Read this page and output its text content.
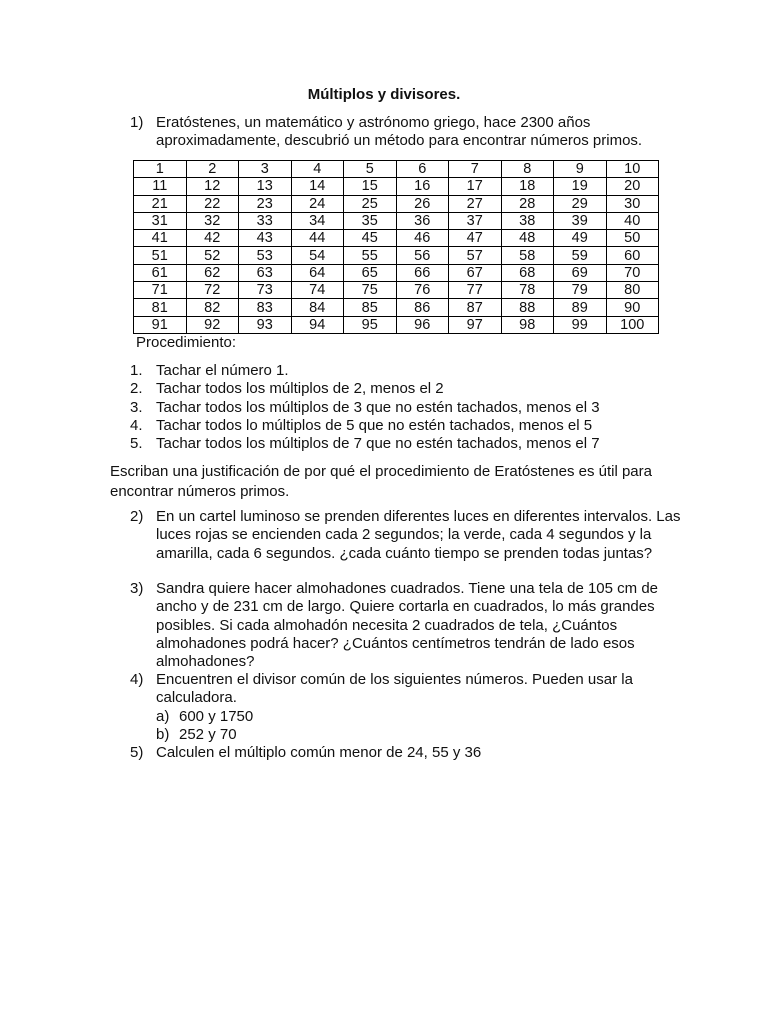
Múltiplos y divisores.
1) Eratóstenes, un matemático y astrónomo griego, hace 2300 años aproximadamente, descubrió un método para encontrar números primos.
1	2	3	4	5	6	7	8	9	10
11	12	13	14	15	16	17	18	19	20
21	22	23	24	25	26	27	28	29	30
31	32	33	34	35	36	37	38	39	40
41	42	43	44	45	46	47	48	49	50
51	52	53	54	55	56	57	58	59	60
61	62	63	64	65	66	67	68	69	70
71	72	73	74	75	76	77	78	79	80
81	82	83	84	85	86	87	88	89	90
91	92	93	94	95	96	97	98	99	100
Procedimiento:
1. Tachar el número 1.
2. Tachar todos los múltiplos de 2, menos el 2
3. Tachar todos los múltiplos de 3 que no estén tachados, menos el 3
4. Tachar todos lo múltiplos de 5 que no estén tachados, menos el 5
5. Tachar todos los múltiplos de 7 que no estén tachados, menos el 7
Escriban una justificación de por qué el procedimiento de Eratóstenes es útil para encontrar números primos.
2) En un cartel luminoso se prenden diferentes luces en diferentes intervalos. Las luces rojas se encienden cada 2 segundos; la verde, cada 4 segundos y la amarilla, cada 6 segundos. ¿cada cuánto tiempo se prenden todas juntas?
3) Sandra quiere hacer almohadones cuadrados. Tiene una tela de 105 cm de ancho y de 231 cm de largo. Quiere cortarla en cuadrados, lo más grandes posibles. Si cada almohadón necesita 2 cuadrados de tela, ¿Cuántos almohadones podrá hacer? ¿Cuántos centímetros tendrán de lado esos almohadones?
4) Encuentren el divisor común de los siguientes números. Pueden usar la calculadora.
a) 600 y 1750
b) 252 y 70
5) Calculen el múltiplo común menor de 24, 55 y 36
